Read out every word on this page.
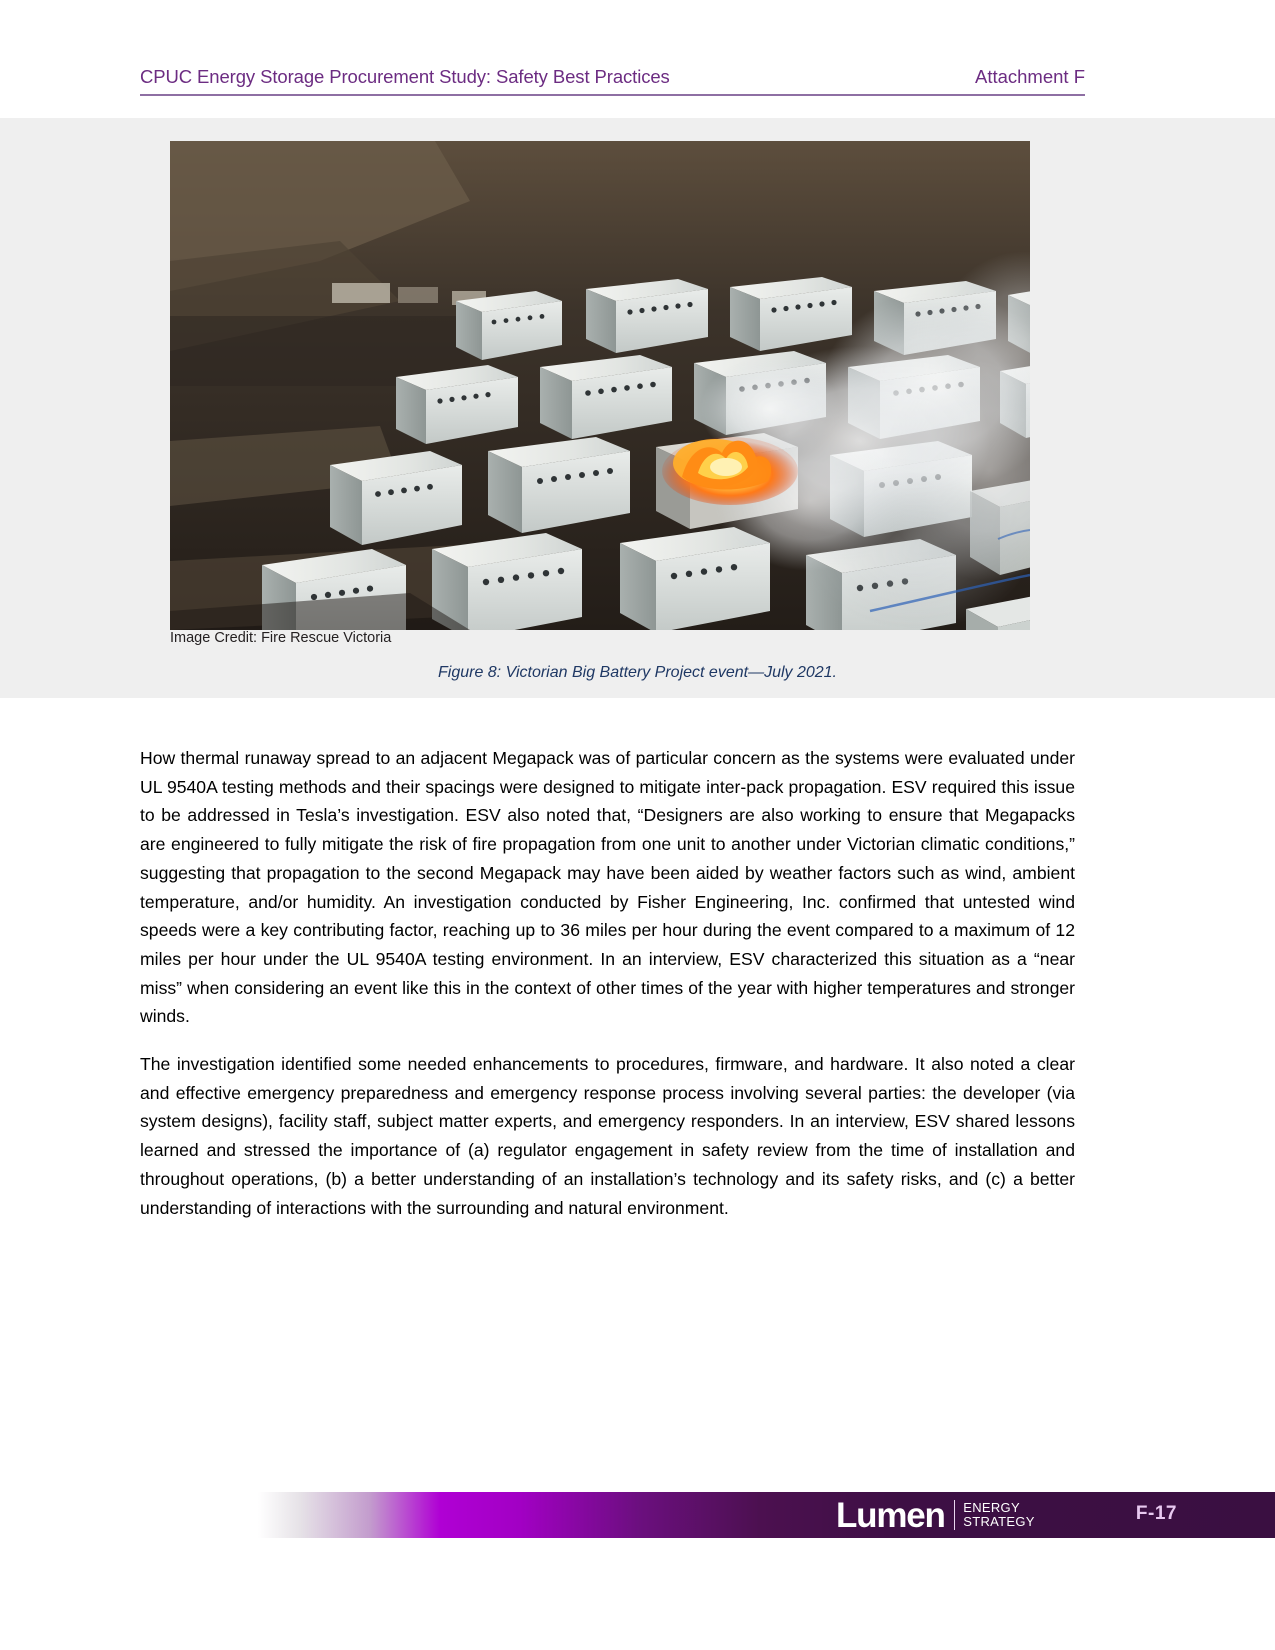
CPUC Energy Storage Procurement Study: Safety Best Practices	Attachment F
Image Credit: Fire Rescue Victoria
Figure 8: Victorian Big Battery Project event—July 2021.

How thermal runaway spread to an adjacent Megapack was of particular concern as the systems were evaluated under UL 9540A testing methods and their spacings were designed to mitigate inter-pack propagation. ESV required this issue to be addressed in Tesla’s investigation. ESV also noted that, “Designers are also working to ensure that Megapacks are engineered to fully mitigate the risk of fire propagation from one unit to another under Victorian climatic conditions,” suggesting that propagation to the second Megapack may have been aided by weather factors such as wind, ambient temperature, and/or humidity. An investigation conducted by Fisher Engineering, Inc. confirmed that untested wind speeds were a key contributing factor, reaching up to 36 miles per hour during the event compared to a maximum of 12 miles per hour under the UL 9540A testing environment. In an interview, ESV characterized this situation as a “near miss” when considering an event like this in the context of other times of the year with higher temperatures and stronger winds.

The investigation identified some needed enhancements to procedures, firmware, and hardware. It also noted a clear and effective emergency preparedness and emergency response process involving several parties: the developer (via system designs), facility staff, subject matter experts, and emergency responders. In an interview, ESV shared lessons learned and stressed the importance of (a) regulator engagement in safety review from the time of installation and throughout operations, (b) a better understanding of an installation’s technology and its safety risks, and (c) a better understanding of interactions with the surrounding and natural environment.

Lumen ENERGY
STRATEGY	F-17
